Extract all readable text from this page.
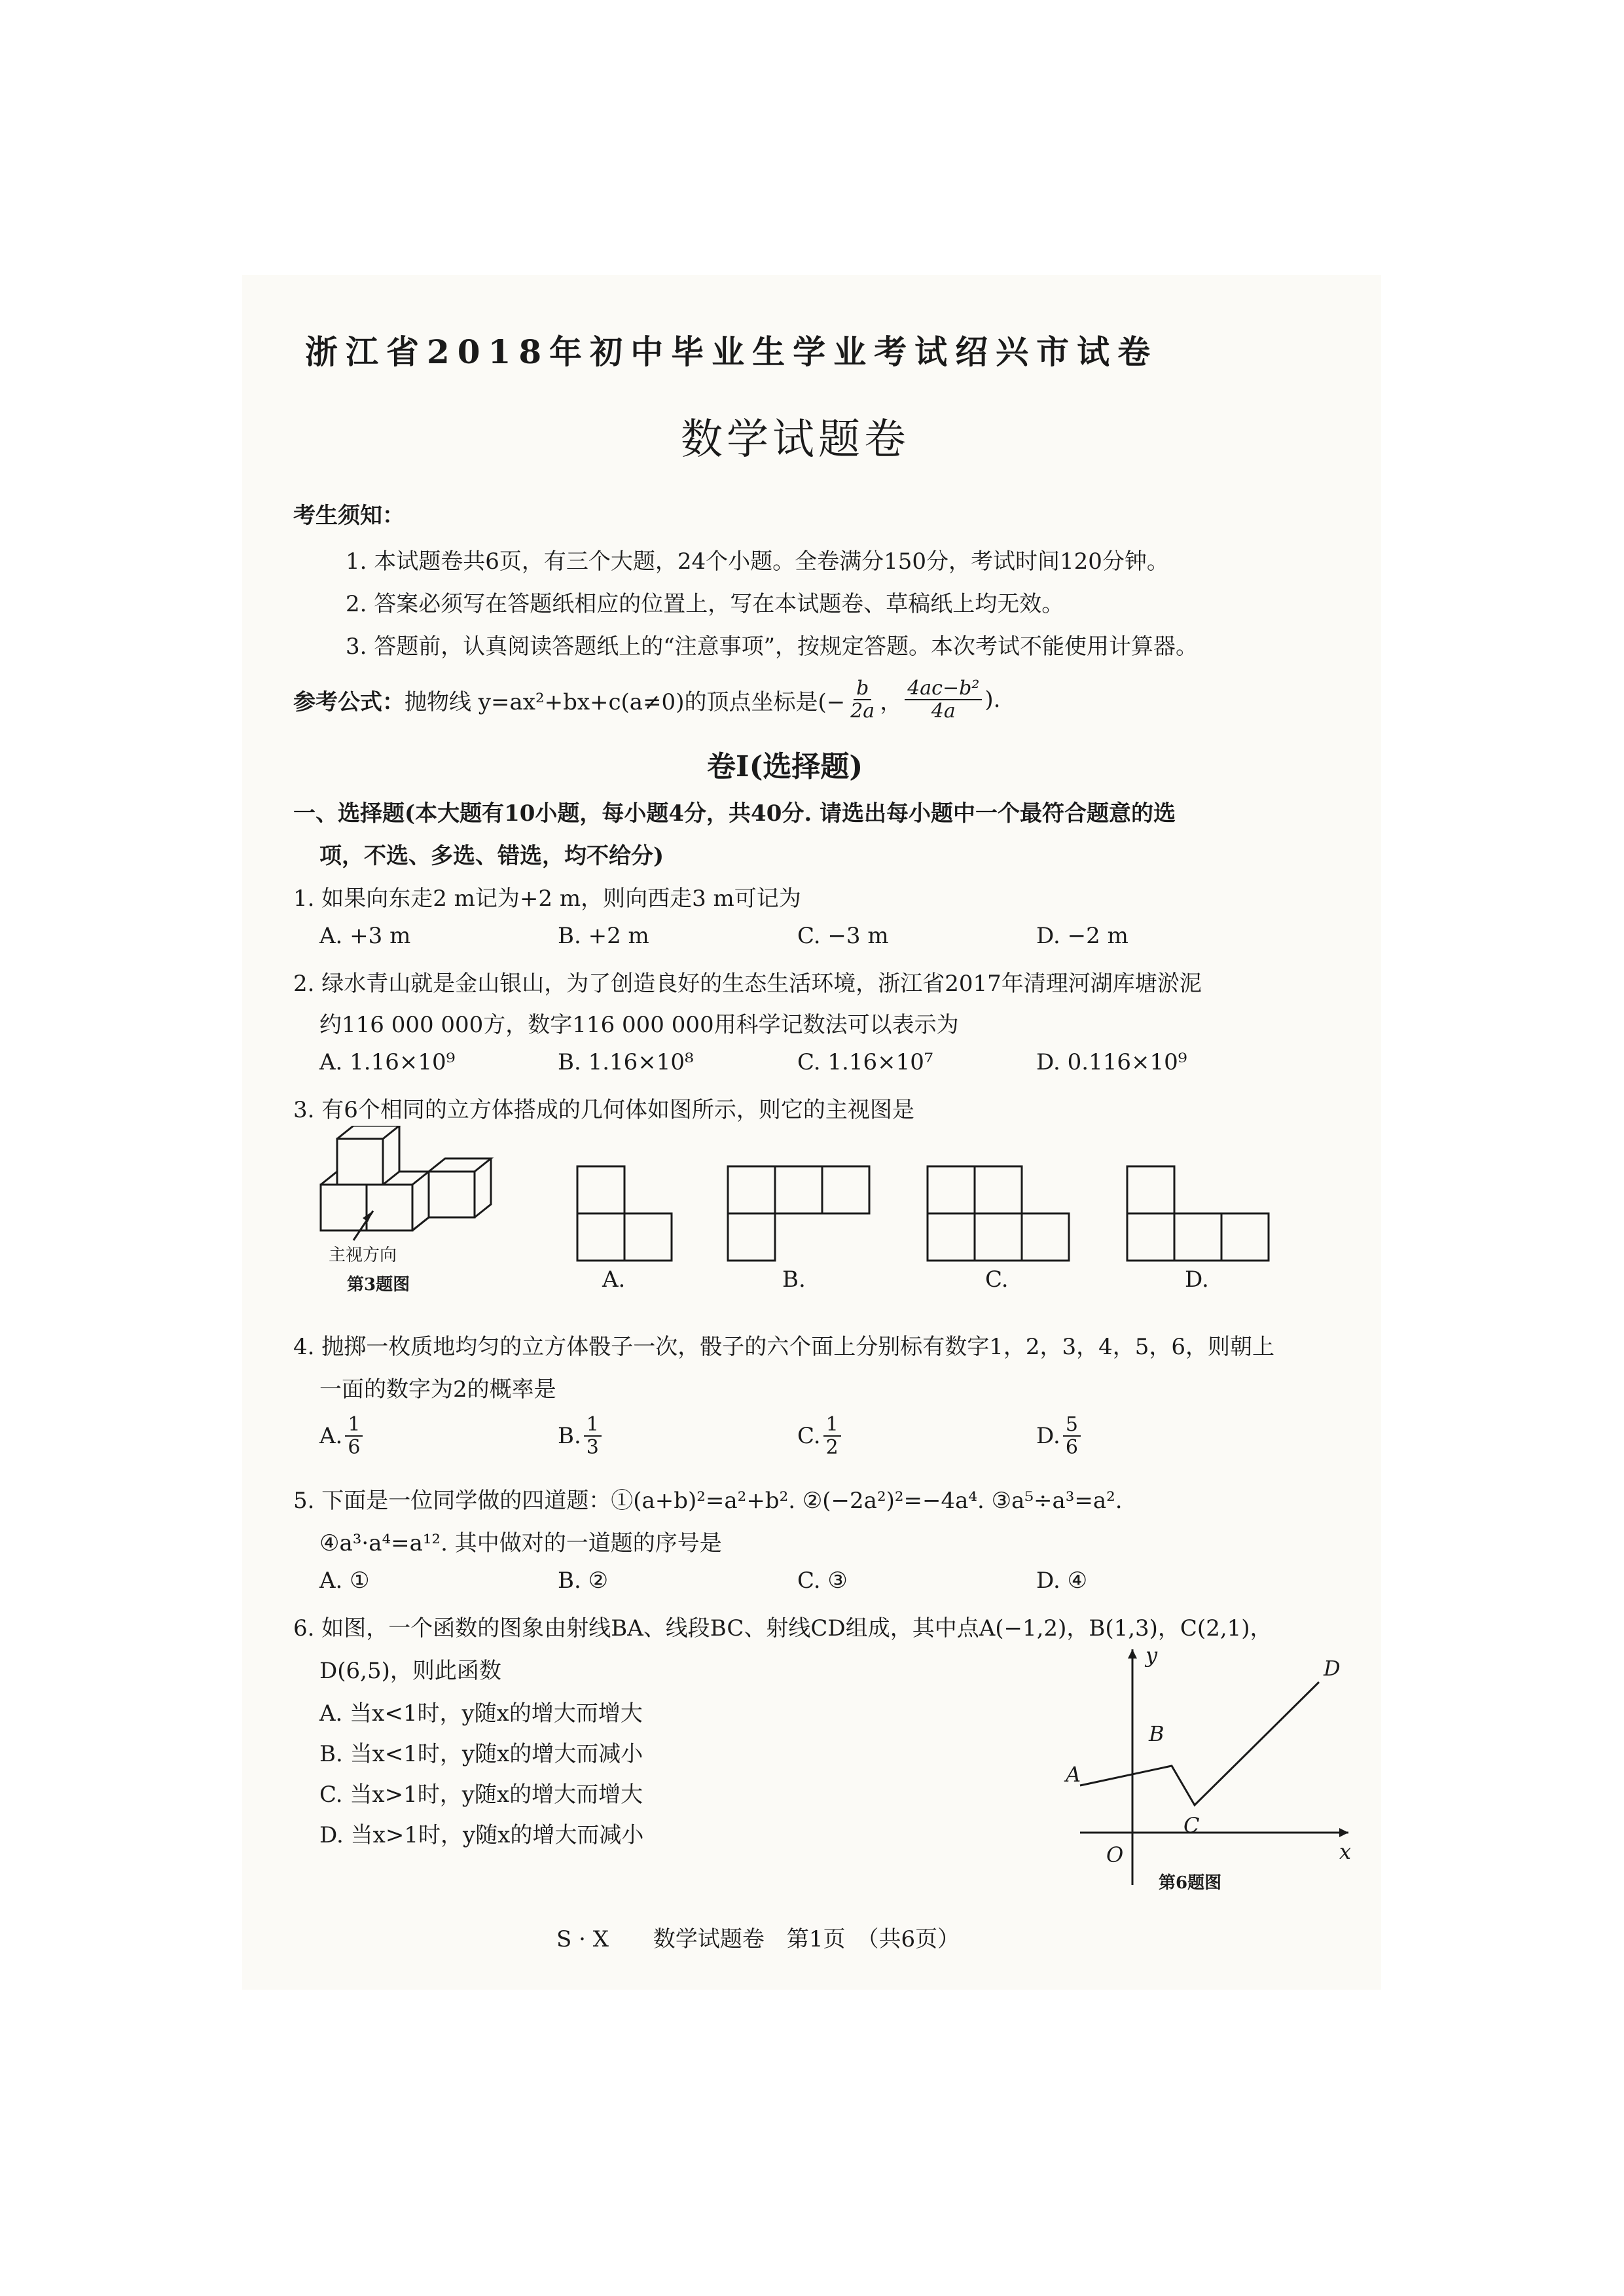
浙江省2018年初中毕业生学业考试绍兴市试卷
数学试题卷
考生须知：
1. 本试题卷共6页，有三个大题，24个小题。全卷满分150分，考试时间120分钟。
2. 答案必须写在答题纸相应的位置上，写在本试题卷、草稿纸上均无效。
3. 答题前，认真阅读答题纸上的“注意事项”，按规定答题。本次考试不能使用计算器。
参考公式： 抛物线 y=ax²+bx+c(a≠0)的顶点坐标是(− $\frac{b}{2a}$ ， $\frac{\text{4ac−b²}}{4a}$ ).
卷Ⅰ(选择题)
一、选择题(本大题有10小题，每小题4分，共40分. 请选出每小题中一个最符合题意的选
项，不选、多选、错选，均不给分)
1. 如果向东走2 m记为+2 m，则向西走3 m可记为
A. +3 m	B. +2 m	C. −3 m	D. −2 m
2. 绿水青山就是金山银山，为了创造良好的生态生活环境，浙江省2017年清理河湖库塘淤泥
约116 000 000方，数字116 000 000用科学记数法可以表示为
A. 1.16×10⁹	B. 1.16×10⁸	C. 1.16×10⁷	D. 0.116×10⁹
3. 有6个相同的立方体搭成的几何体如图所示，则它的主视图是
主视方向
第3题图	A.	B.	C.	D.
4. 抛掷一枚质地均匀的立方体骰子一次，骰子的六个面上分别标有数字1，2，3，4，5，6，则朝上
一面的数字为2的概率是
A. $\frac{1}{6}$	B. $\frac{1}{3}$	C. $\frac{1}{2}$	D. $\frac{5}{6}$
5. 下面是一位同学做的四道题：①(a+b)²=a²+b². ②(−2a²)²=−4a⁴. ③a⁵÷a³=a².
④a³·a⁴=a¹². 其中做对的一道题的序号是
A. ①	B. ②	C. ③	D. ④
6. 如图，一个函数的图象由射线BA、线段BC、射线CD组成，其中点A(−1,2)，B(1,3)，C(2,1)，
D(6,5)，则此函数
A. 当x<1时，y随x的增大而增大
B. 当x<1时，y随x的增大而减小
C. 当x>1时，y随x的增大而增大
D. 当x>1时，y随x的增大而减小
A
B
C
D
O	x
y
第6题图
S · X　　数学试题卷　第1页　（共6页）
